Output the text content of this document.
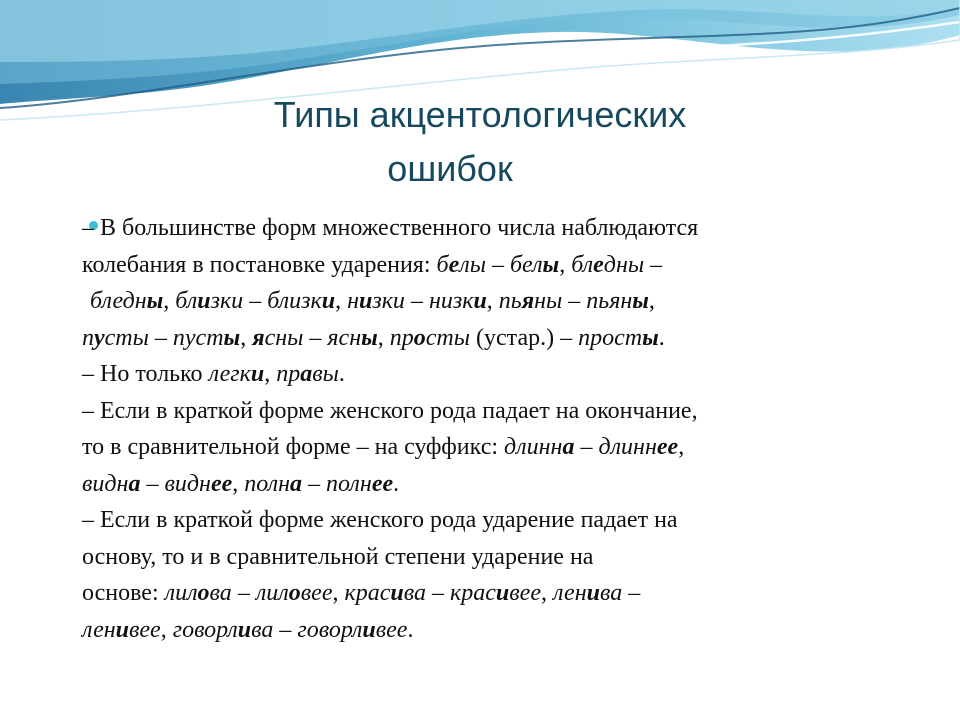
Типы акцентологических
ошибок
– В большинстве форм множественного числа наблюдаются
колебания в постановке ударения: белы – белы, бледны –
бледны, близки – близки, низки – низки, пьяны – пьяны,
пусты – пусты, ясны – ясны, просты (устар.) – просты.
– Но только легки, правы.
– Если в краткой форме женского рода падает на окончание,
то в сравнительной форме – на суффикс: длинна – длиннее,
видна – виднее, полна – полнее.
– Если в краткой форме женского рода ударение падает на
основу, то и в сравнительной степени ударение на
основе: лилова – лиловее, красива – красивее, ленива –
ленивее, говорлива – говорливее.
